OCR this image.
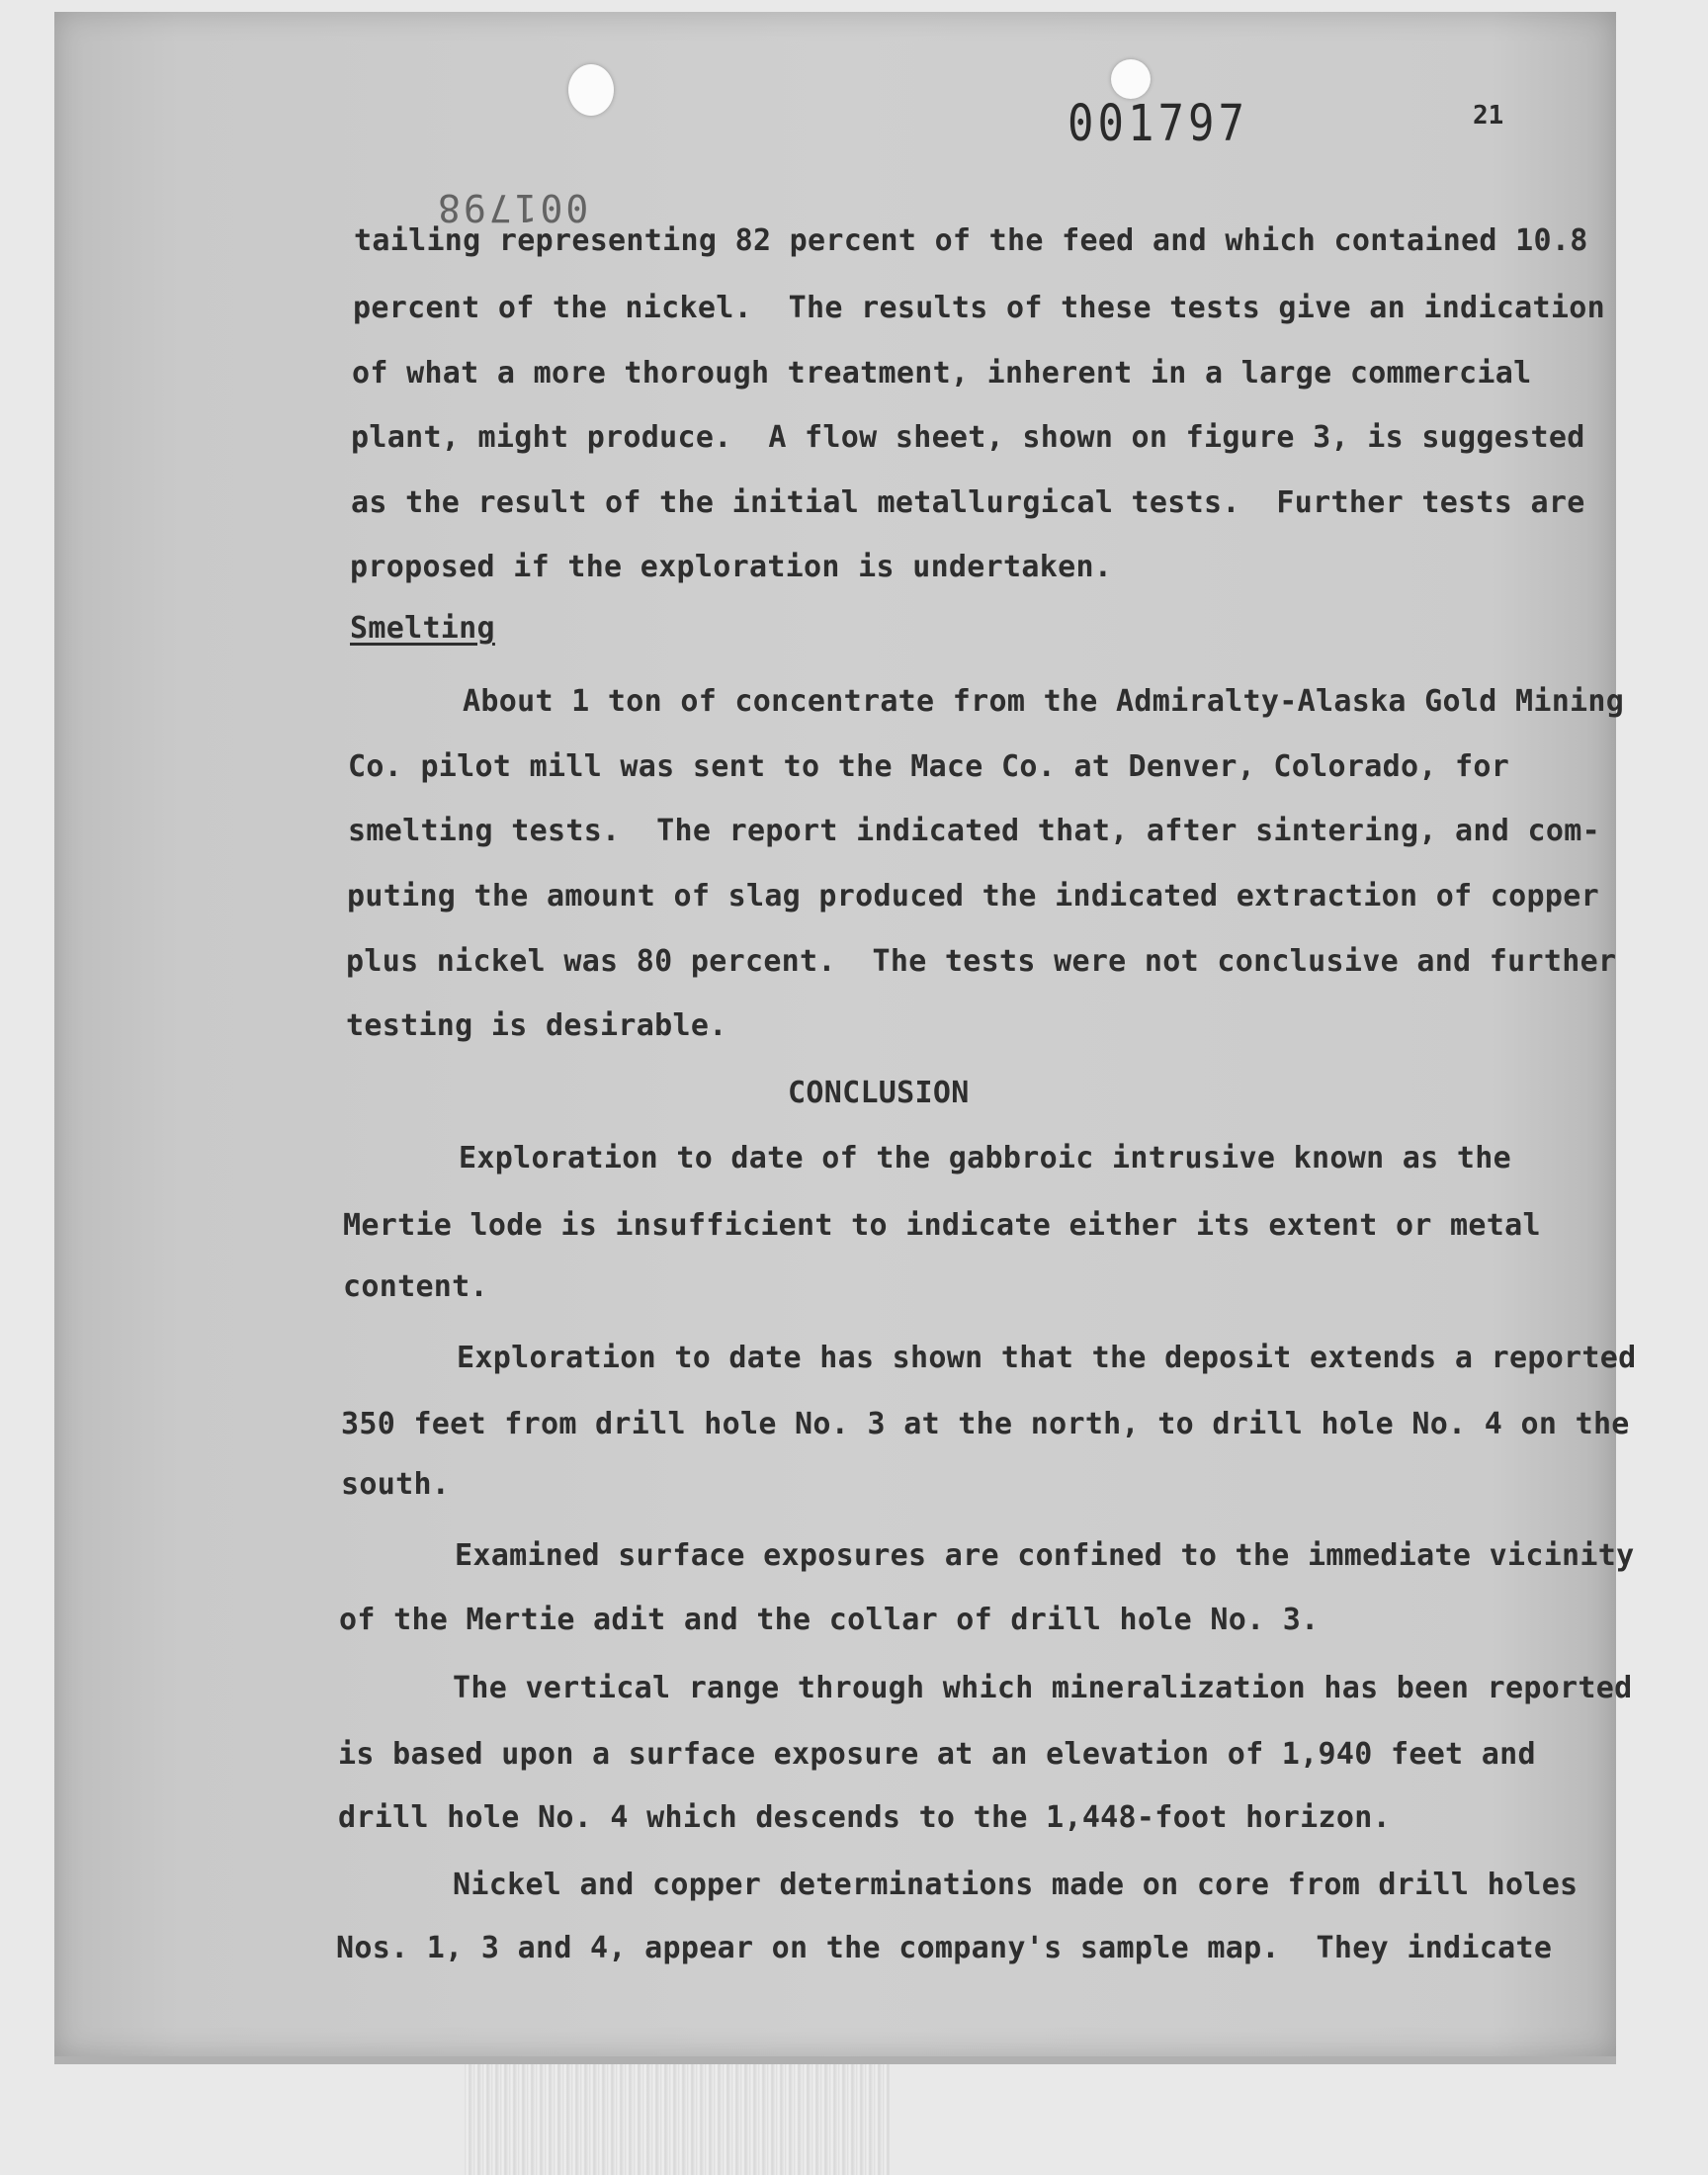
001797
001798
21
tailing representing 82 percent of the feed and which contained 10.8
percent of the nickel.  The results of these tests give an indication
of what a more thorough treatment, inherent in a large commercial
plant, might produce.  A flow sheet, shown on figure 3, is suggested
as the result of the initial metallurgical tests.  Further tests are
proposed if the exploration is undertaken.
Smelting
About 1 ton of concentrate from the Admiralty-Alaska Gold Mining
Co. pilot mill was sent to the Mace Co. at Denver, Colorado, for
smelting tests.  The report indicated that, after sintering, and com-
puting the amount of slag produced the indicated extraction of copper
plus nickel was 80 percent.  The tests were not conclusive and further
testing is desirable.
CONCLUSION
Exploration to date of the gabbroic intrusive known as the
Mertie lode is insufficient to indicate either its extent or metal
content.
Exploration to date has shown that the deposit extends a reported
350 feet from drill hole No. 3 at the north, to drill hole No. 4 on the
south.
Examined surface exposures are confined to the immediate vicinity
of the Mertie adit and the collar of drill hole No. 3.
The vertical range through which mineralization has been reported
is based upon a surface exposure at an elevation of 1,940 feet and
drill hole No. 4 which descends to the 1,448-foot horizon.
Nickel and copper determinations made on core from drill holes
Nos. 1, 3 and 4, appear on the company's sample map.  They indicate
